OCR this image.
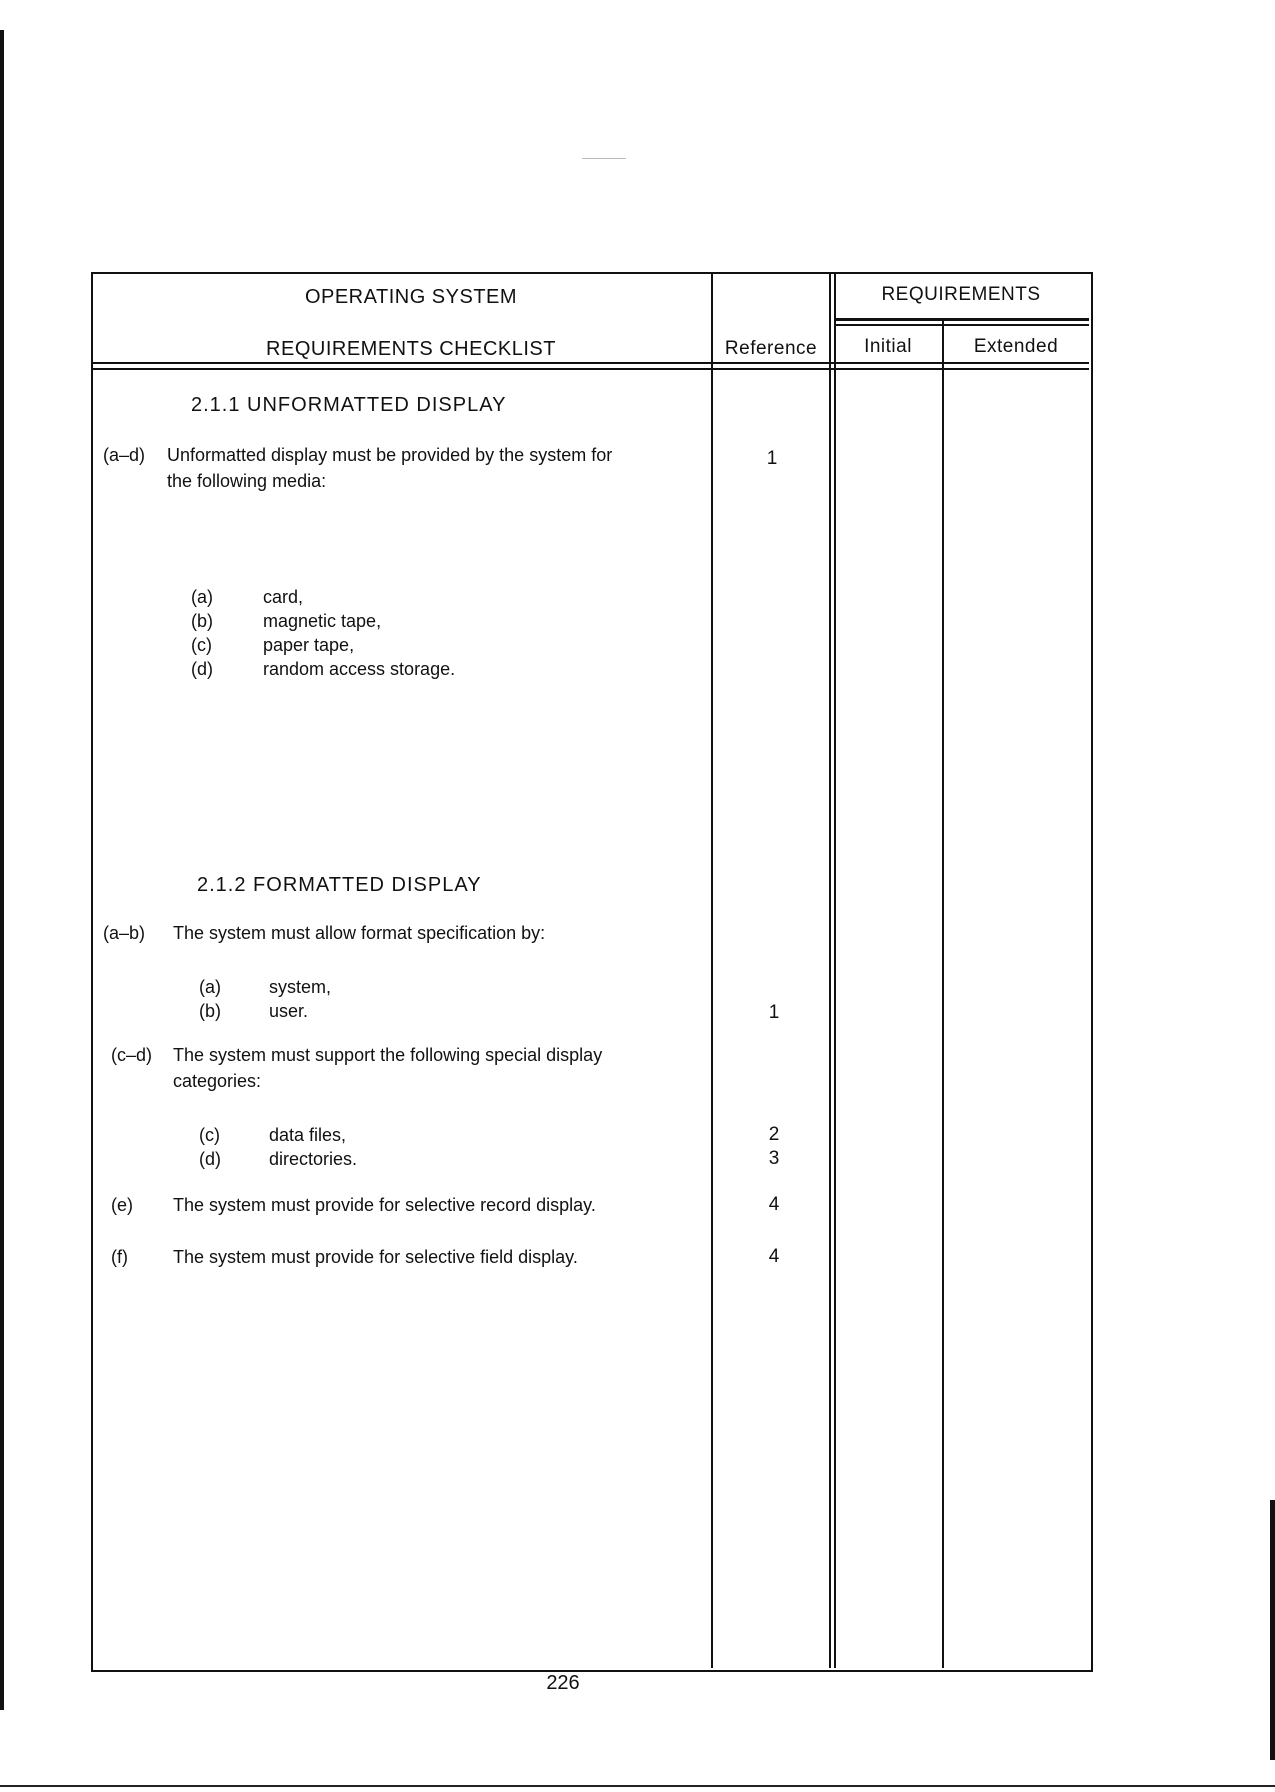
OPERATING SYSTEM
REQUIREMENTS CHECKLIST	Reference
REQUIREMENTS
Initial	Extended
2.1.1 UNFORMATTED DISPLAY
(a–d) Unformatted display must be provided by the system for
the following media:
1
(a)	card,
(b)	magnetic tape,
(c)	paper tape,
(d)	random access storage.
2.1.2 FORMATTED DISPLAY
(a–b) The system must allow format specification by:
(a)	system,
(b)	user.	1
(c–d) The system must support the following special display
categories:
(c)	data files,	2
(d)	directories.	3
(e) The system must provide for selective record display.	4
(f)	The system must provide for selective field display.	4
226
